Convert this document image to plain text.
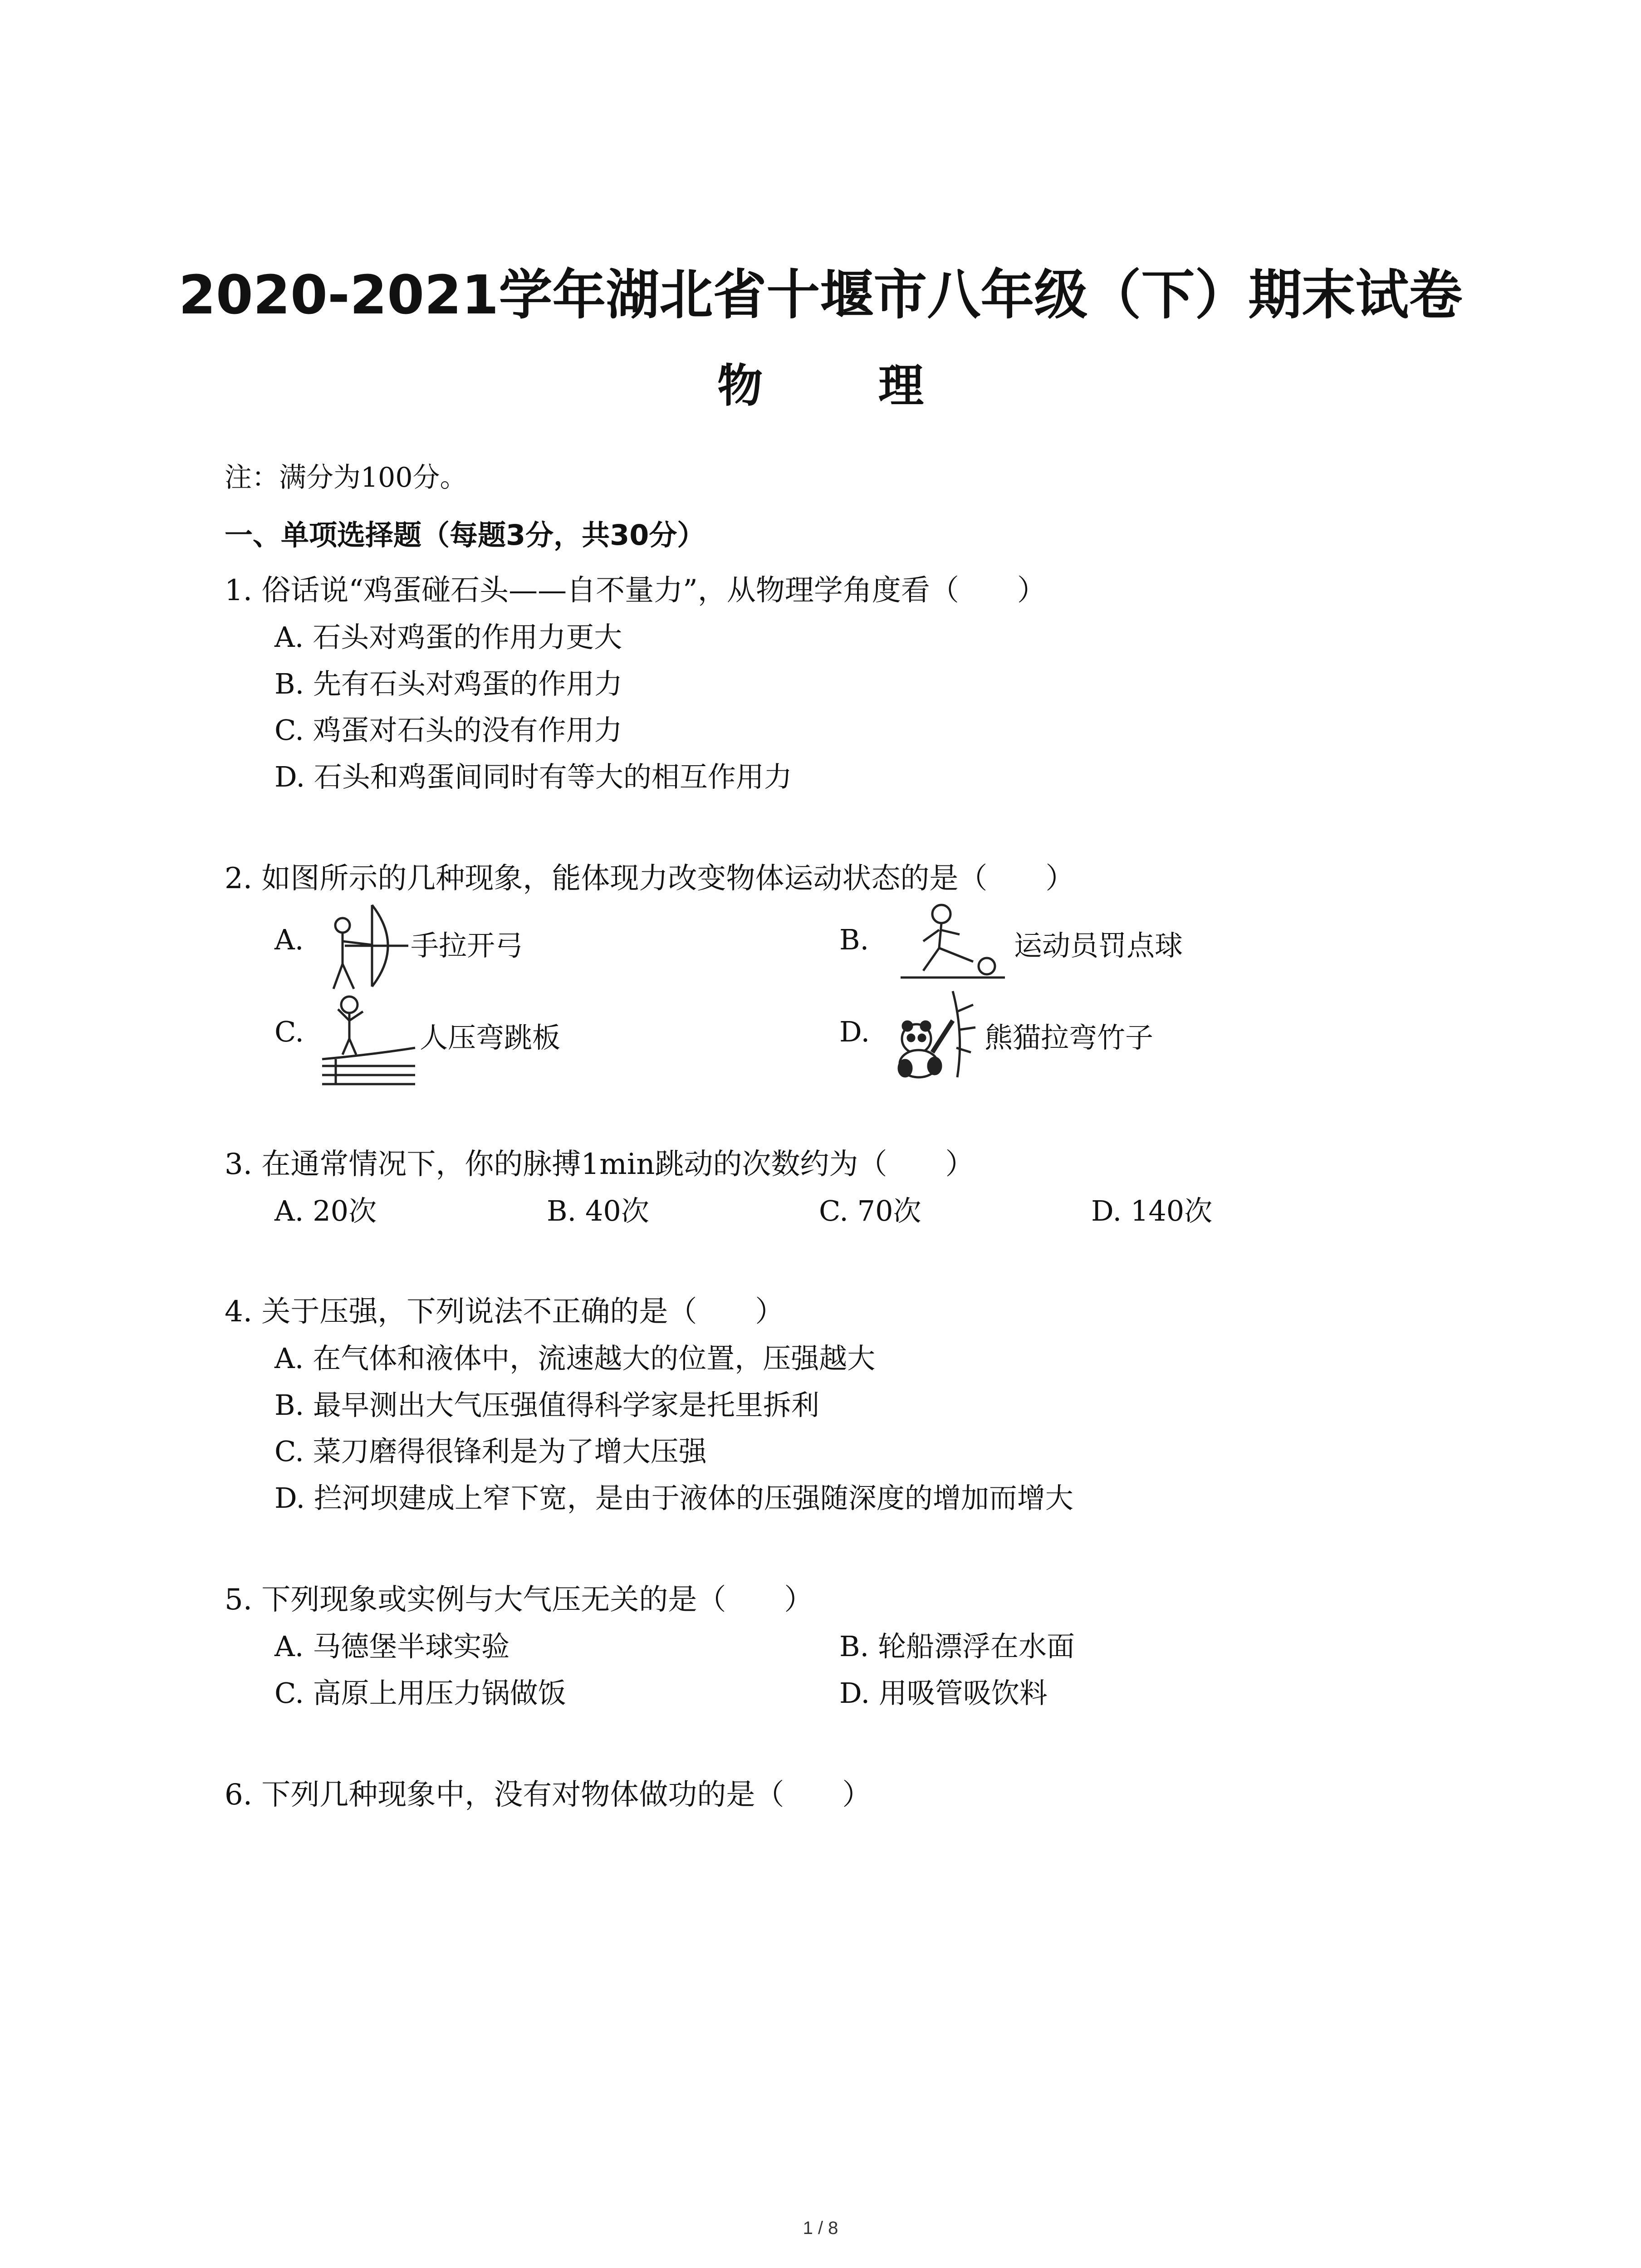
2020-2021学年湖北省十堰市八年级（下）期末试卷
物 理
注：满分为100分。
一、单项选择题（每题3分，共30分）
1. 俗话说“鸡蛋碰石头——自不量力”，从物理学角度看（　　）
A. 石头对鸡蛋的作用力更大
B. 先有石头对鸡蛋的作用力
C. 鸡蛋对石头的没有作用力
D. 石头和鸡蛋间同时有等大的相互作用力
2. 如图所示的几种现象，能体现力改变物体运动状态的是（　　）
A.	手拉开弓	B.	运动员罚点球
C.	人压弯跳板	D.	熊猫拉弯竹子
3. 在通常情况下，你的脉搏1min跳动的次数约为（　　）
A. 20次	B. 40次	C. 70次	D. 140次
4. 关于压强，下列说法不正确的是（　　）
A. 在气体和液体中，流速越大的位置，压强越大
B. 最早测出大气压强值得科学家是托里拆利
C. 菜刀磨得很锋利是为了增大压强
D. 拦河坝建成上窄下宽，是由于液体的压强随深度的增加而增大
5. 下列现象或实例与大气压无关的是（　　）
A. 马德堡半球实验	B. 轮船漂浮在水面
C. 高原上用压力锅做饭	D. 用吸管吸饮料
6. 下列几种现象中，没有对物体做功的是（　　）
1 / 8
